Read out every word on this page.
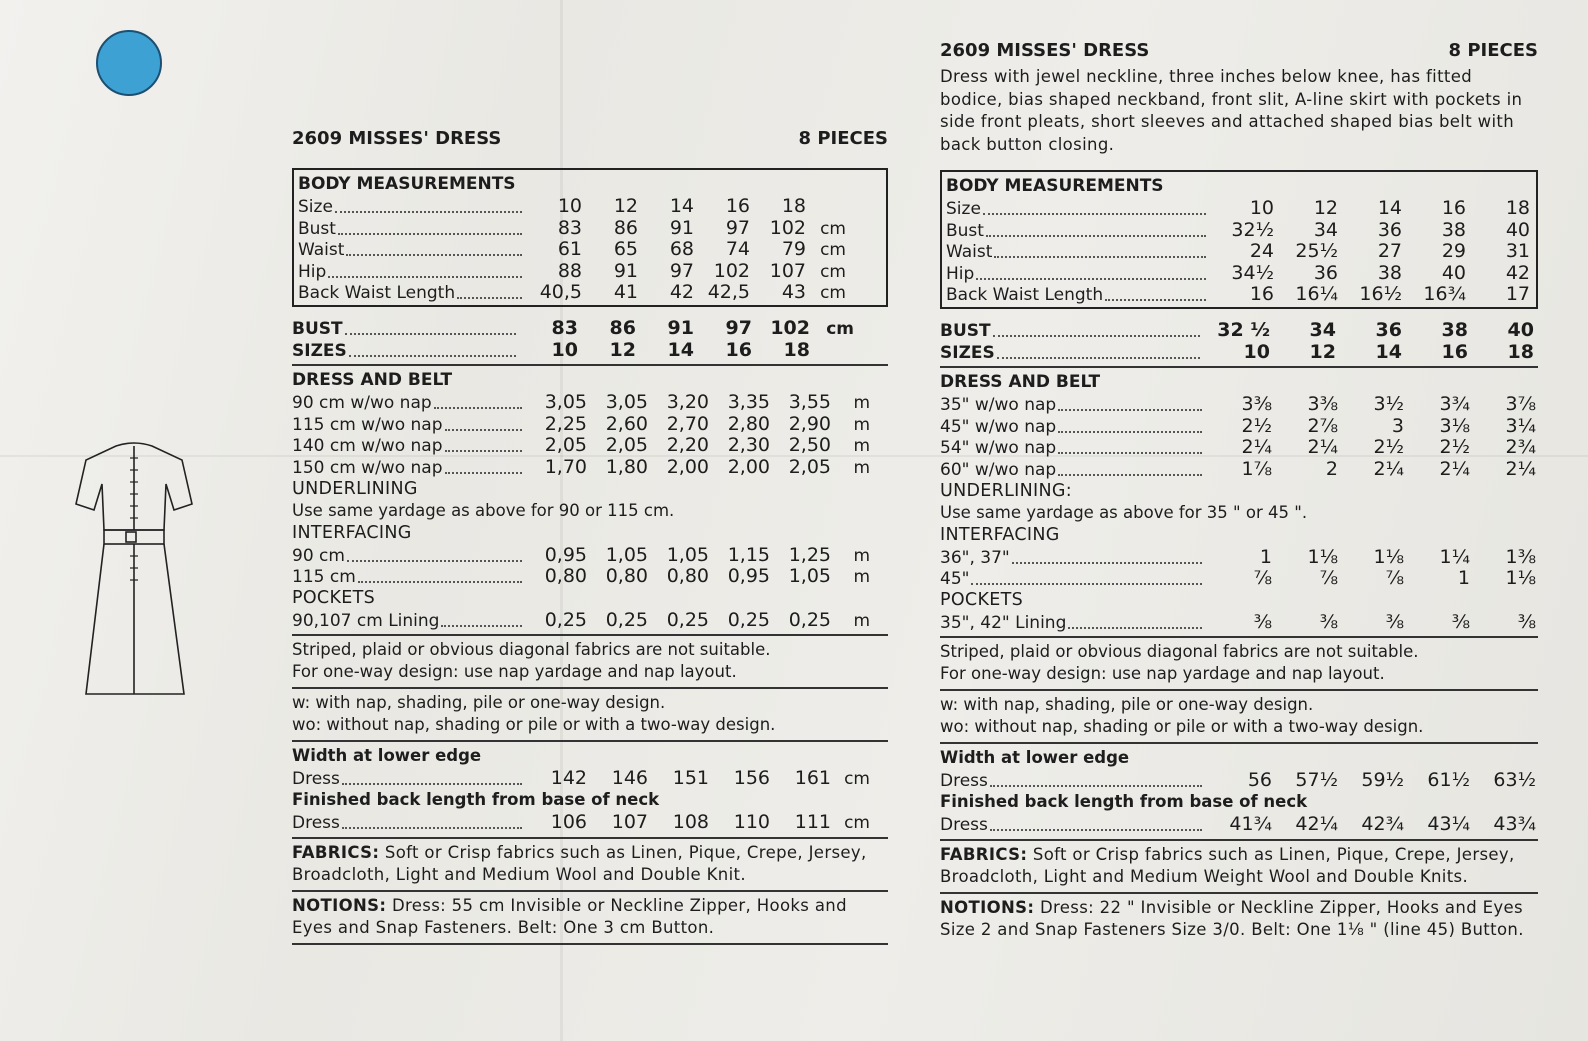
2609 MISSES' DRESS	8 PIECES
BODY MEASUREMENTS
Size	10	12	14	16	18
Bust	83	86	91	97	102 cm
Waist	61	65	68	74	79 cm
Hip	88	91	97	102	107 cm
Back Waist Length	40,5	41	42 42,5	43 cm
BUST	83	86	91	97 102 cm
SIZES	10	12	14	16	18
DRESS AND BELT
90 cm w/wo nap	3,05 3,05 3,20 3,35 3,55	m
115 cm w/wo nap	2,25 2,60 2,70 2,80 2,90	m
140 cm w/wo nap	2,05 2,05 2,20 2,30 2,50	m
150 cm w/wo nap	1,70 1,80 2,00 2,00 2,05	m
UNDERLINING
Use same yardage as above for 90 or 115 cm.
INTERFACING
90 cm	0,95 1,05 1,05 1,15 1,25	m
115 cm	0,80 0,80 0,80 0,95 1,05	m
POCKETS
90,107 cm Lining	0,25 0,25 0,25 0,25 0,25	m
Striped, plaid or obvious diagonal fabrics are not suitable.
For one-way design: use nap yardage and nap layout.
w: with nap, shading, pile or one-way design.
wo: without nap, shading or pile or with a two-way design.
Width at lower edge
Dress	142	146	151	156	161 cm
Finished back length from base of neck
Dress	106	107	108	110	111 cm
FABRICS: Soft or Crisp fabrics such as Linen, Pique, Crepe, Jersey, Broadcloth, Light and Medium Wool and Double Knit.
NOTIONS: Dress: 55 cm Invisible or Neckline Zipper, Hooks and Eyes and Snap Fasteners. Belt: One 3 cm Button.
2609 MISSES' DRESS	8 PIECES
Dress with jewel neckline, three inches below knee, has fitted bodice, bias shaped neckband, front slit, A-line skirt with pockets in side front pleats, short sleeves and attached shaped bias belt with back button closing.
BODY MEASUREMENTS
Size	10	12	14	16	18
Bust	32½	34	36	38	40
Waist	24	25½	27	29	31
Hip	34½	36	38	40	42
Back Waist Length	16	16¼	16½	16¾	17
BUST	32 ½	34	36	38	40
SIZES	10	12	14	16	18
DRESS AND BELT
35" w/wo nap	3⅜	3⅜	3½	3¾	3⅞
45" w/wo nap	2½	2⅞	3	3⅛	3¼
54" w/wo nap	2¼	2¼	2½	2½	2¾
60" w/wo nap	1⅞	2	2¼	2¼	2¼
UNDERLINING:
Use same yardage as above for 35 " or 45 ".
INTERFACING
36", 37"	1	1⅛	1⅛	1¼	1⅜
45"	⅞	⅞	⅞	1	1⅛
POCKETS
35", 42" Lining	⅜	⅜	⅜	⅜	⅜
Striped, plaid or obvious diagonal fabrics are not suitable.
For one-way design: use nap yardage and nap layout.
w: with nap, shading, pile or one-way design.
wo: without nap, shading or pile or with a two-way design.
Width at lower edge
Dress	56	57½	59½	61½	63½
Finished back length from base of neck
Dress	41¾	42¼	42¾	43¼	43¾
FABRICS: Soft or Crisp fabrics such as Linen, Pique, Crepe, Jersey, Broadcloth, Light and Medium Weight Wool and Double Knits.
NOTIONS: Dress: 22 " Invisible or Neckline Zipper, Hooks and Eyes Size 2 and Snap Fasteners Size 3/0. Belt: One 1⅛ " (line 45) Button.
